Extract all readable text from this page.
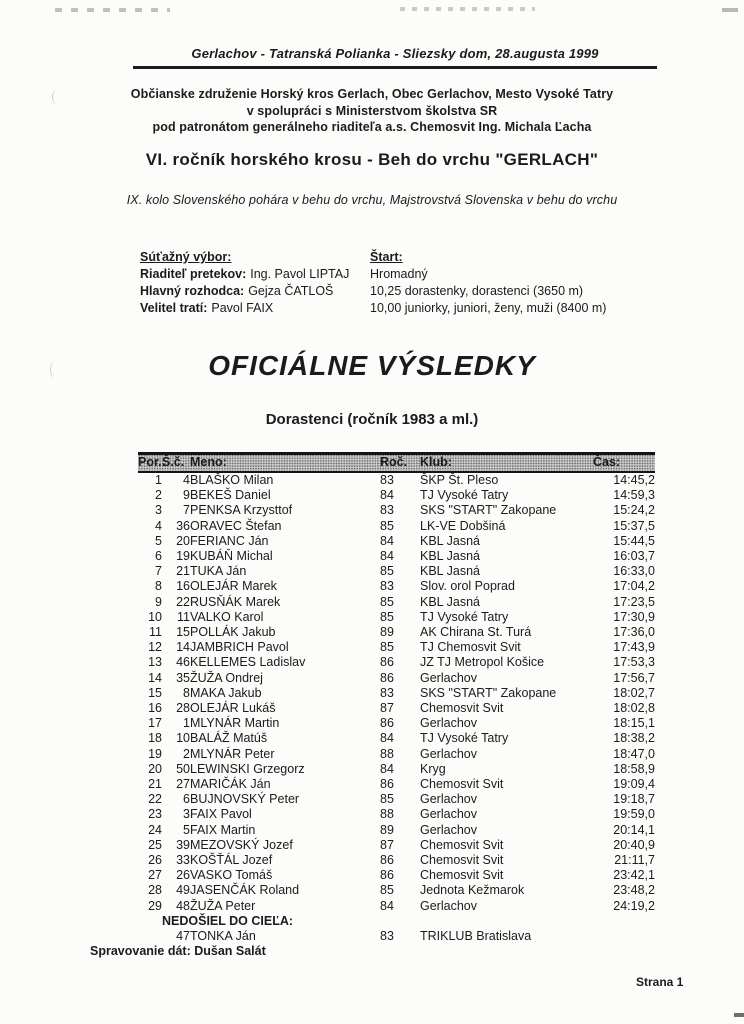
Gerlachov - Tatranská Polianka - Sliezsky dom, 28.augusta 1999
Občianske združenie Horský kros Gerlach, Obec Gerlachov, Mesto Vysoké Tatry
v spolupráci s Ministerstvom školstva SR
pod patronátom generálneho riaditeľa a.s. Chemosvit Ing. Michala Ľacha
VI. ročník horského krosu - Beh do vrchu "GERLACH"
IX. kolo Slovenského pohára v behu do vrchu, Majstrovstvá Slovenska v behu do vrchu
Súťažný výbor:
Riaditeľ pretekov: Ing. Pavol LIPTAJ
Hlavný rozhodca: Gejza ČATLOŠ
Velitel tratí: Pavol FAIX
Štart:
Hromadný
10,25 dorastenky, dorastenci (3650 m)
10,00 juniorky, juniori, ženy, muži (8400 m)
OFICIÁLNE VÝSLEDKY
Dorastenci (ročník 1983 a ml.)
Por.:	Š.č.	Meno:	Roč.	Klub:	Čas:
1	4	BLAŠKO Milan	83	ŠKP Št. Pleso	14:45,2
2	9	BEKEŠ Daniel	84	TJ Vysoké Tatry	14:59,3
3	7	PENKSA Krzysttof	83	SKS "START" Zakopane	15:24,2
4	36	ORAVEC Štefan	85	LK-VE Dobšiná	15:37,5
5	20	FERIANC Ján	84	KBL Jasná	15:44,5
6	19	KUBÁŇ Michal	84	KBL Jasná	16:03,7
7	21	TUKA Ján	85	KBL Jasná	16:33,0
8	16	OLEJÁR Marek	83	Slov. orol Poprad	17:04,2
9	22	RUSŇÁK Marek	85	KBL Jasná	17:23,5
10	11	VALKO Karol	85	TJ Vysoké Tatry	17:30,9
11	15	POLLÁK Jakub	89	AK Chirana St. Turá	17:36,0
12	14	JAMBRICH Pavol	85	TJ Chemosvit Svit	17:43,9
13	46	KELLEMES Ladislav	86	JZ TJ Metropol Košice	17:53,3
14	35	ŽUŽA Ondrej	86	Gerlachov	17:56,7
15	8	MAKA Jakub	83	SKS "START" Zakopane	18:02,7
16	28	OLEJÁR Lukáš	87	Chemosvit Svit	18:02,8
17	1	MLYNÁR Martin	86	Gerlachov	18:15,1
18	10	BALÁŽ Matúš	84	TJ Vysoké Tatry	18:38,2
19	2	MLYNÁR Peter	88	Gerlachov	18:47,0
20	50	LEWINSKI Grzegorz	84	Kryg	18:58,9
21	27	MARIČÁK Ján	86	Chemosvit Svit	19:09,4
22	6	BUJNOVSKÝ Peter	85	Gerlachov	19:18,7
23	3	FAIX Pavol	88	Gerlachov	19:59,0
24	5	FAIX Martin	89	Gerlachov	20:14,1
25	39	MEZOVSKÝ Jozef	87	Chemosvit Svit	20:40,9
26	33	KOŠŤÁL Jozef	86	Chemosvit Svit	21:11,7
27	26	VASKO Tomáš	86	Chemosvit Svit	23:42,1
28	49	JASENČÁK Roland	85	Jednota Kežmarok	23:48,2
29	48	ŽUŽA Peter	84	Gerlachov	24:19,2
	NEDOŠIEL DO CIEĽA:				
	47	TONKA Ján	83	TRIKLUB Bratislava	
Spravovanie dát: Dušan Salát
Strana 1
